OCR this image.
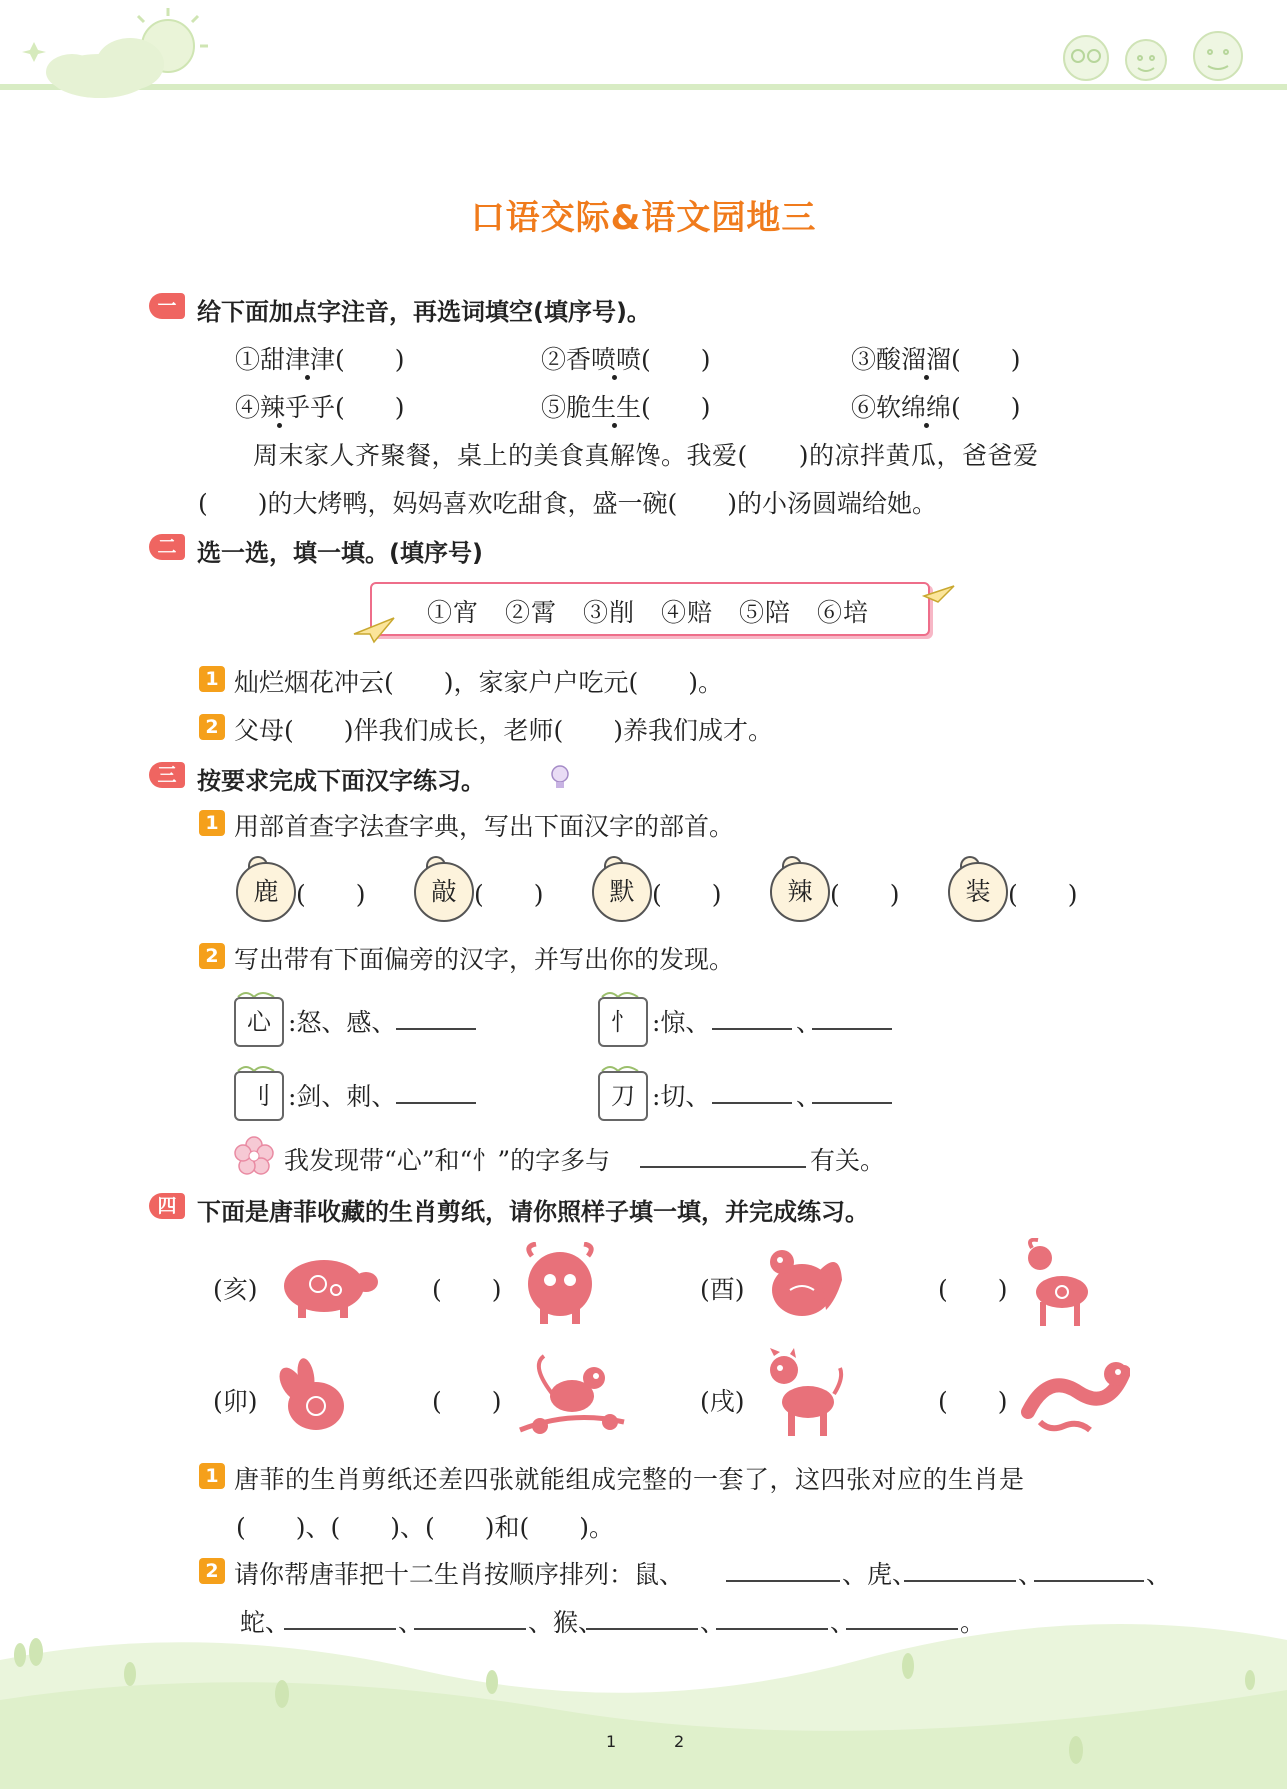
口语交际&语文园地三
一 给下面加点字注音，再选词填空(填序号)。
①甜津津(　　)	②香喷喷(　　)	③酸溜溜(　　)
④辣乎乎(　　)	⑤脆生生(　　)	⑥软绵绵(　　)
周末家人齐聚餐，桌上的美食真解馋。我爱(　　)的凉拌黄瓜，爸爸爱
(　　)的大烤鸭，妈妈喜欢吃甜食，盛一碗(　　)的小汤圆端给她。
二 选一选，填一填。(填序号)
①宵　②霄　③削　④赔　⑤陪　⑥培
1 灿烂烟花冲云(　　)，家家户户吃元(　　)。
2 父母(　　)伴我们成长，老师(　　)养我们成才。
三 按要求完成下面汉字练习。
1 用部首查字法查字典，写出下面汉字的部首。
鹿 (　　)	敲 (　　)	默 (　　)	辣 (　　)	装 (　　)
2 写出带有下面偏旁的汉字，并写出你的发现。
心 :怒、感、	忄 :惊、	、
刂 :剑、刺、	刀 :切、	、
我发现带“心”和“忄”的字多与	有关。
四 下面是唐菲收藏的生肖剪纸，请你照样子填一填，并完成练习。
(亥)	(　　)	(酉)	(　　)
(卯)	(　　)	(戌)	(　　)
1 唐菲的生肖剪纸还差四张就能组成完整的一套了，这四张对应的生肖是
(　　)、(　　)、(　　)和(　　)。
2 请你帮唐菲把十二生肖按顺序排列：鼠、	、虎、	、	、
蛇、	、	、猴、	、	、	。
1	2
